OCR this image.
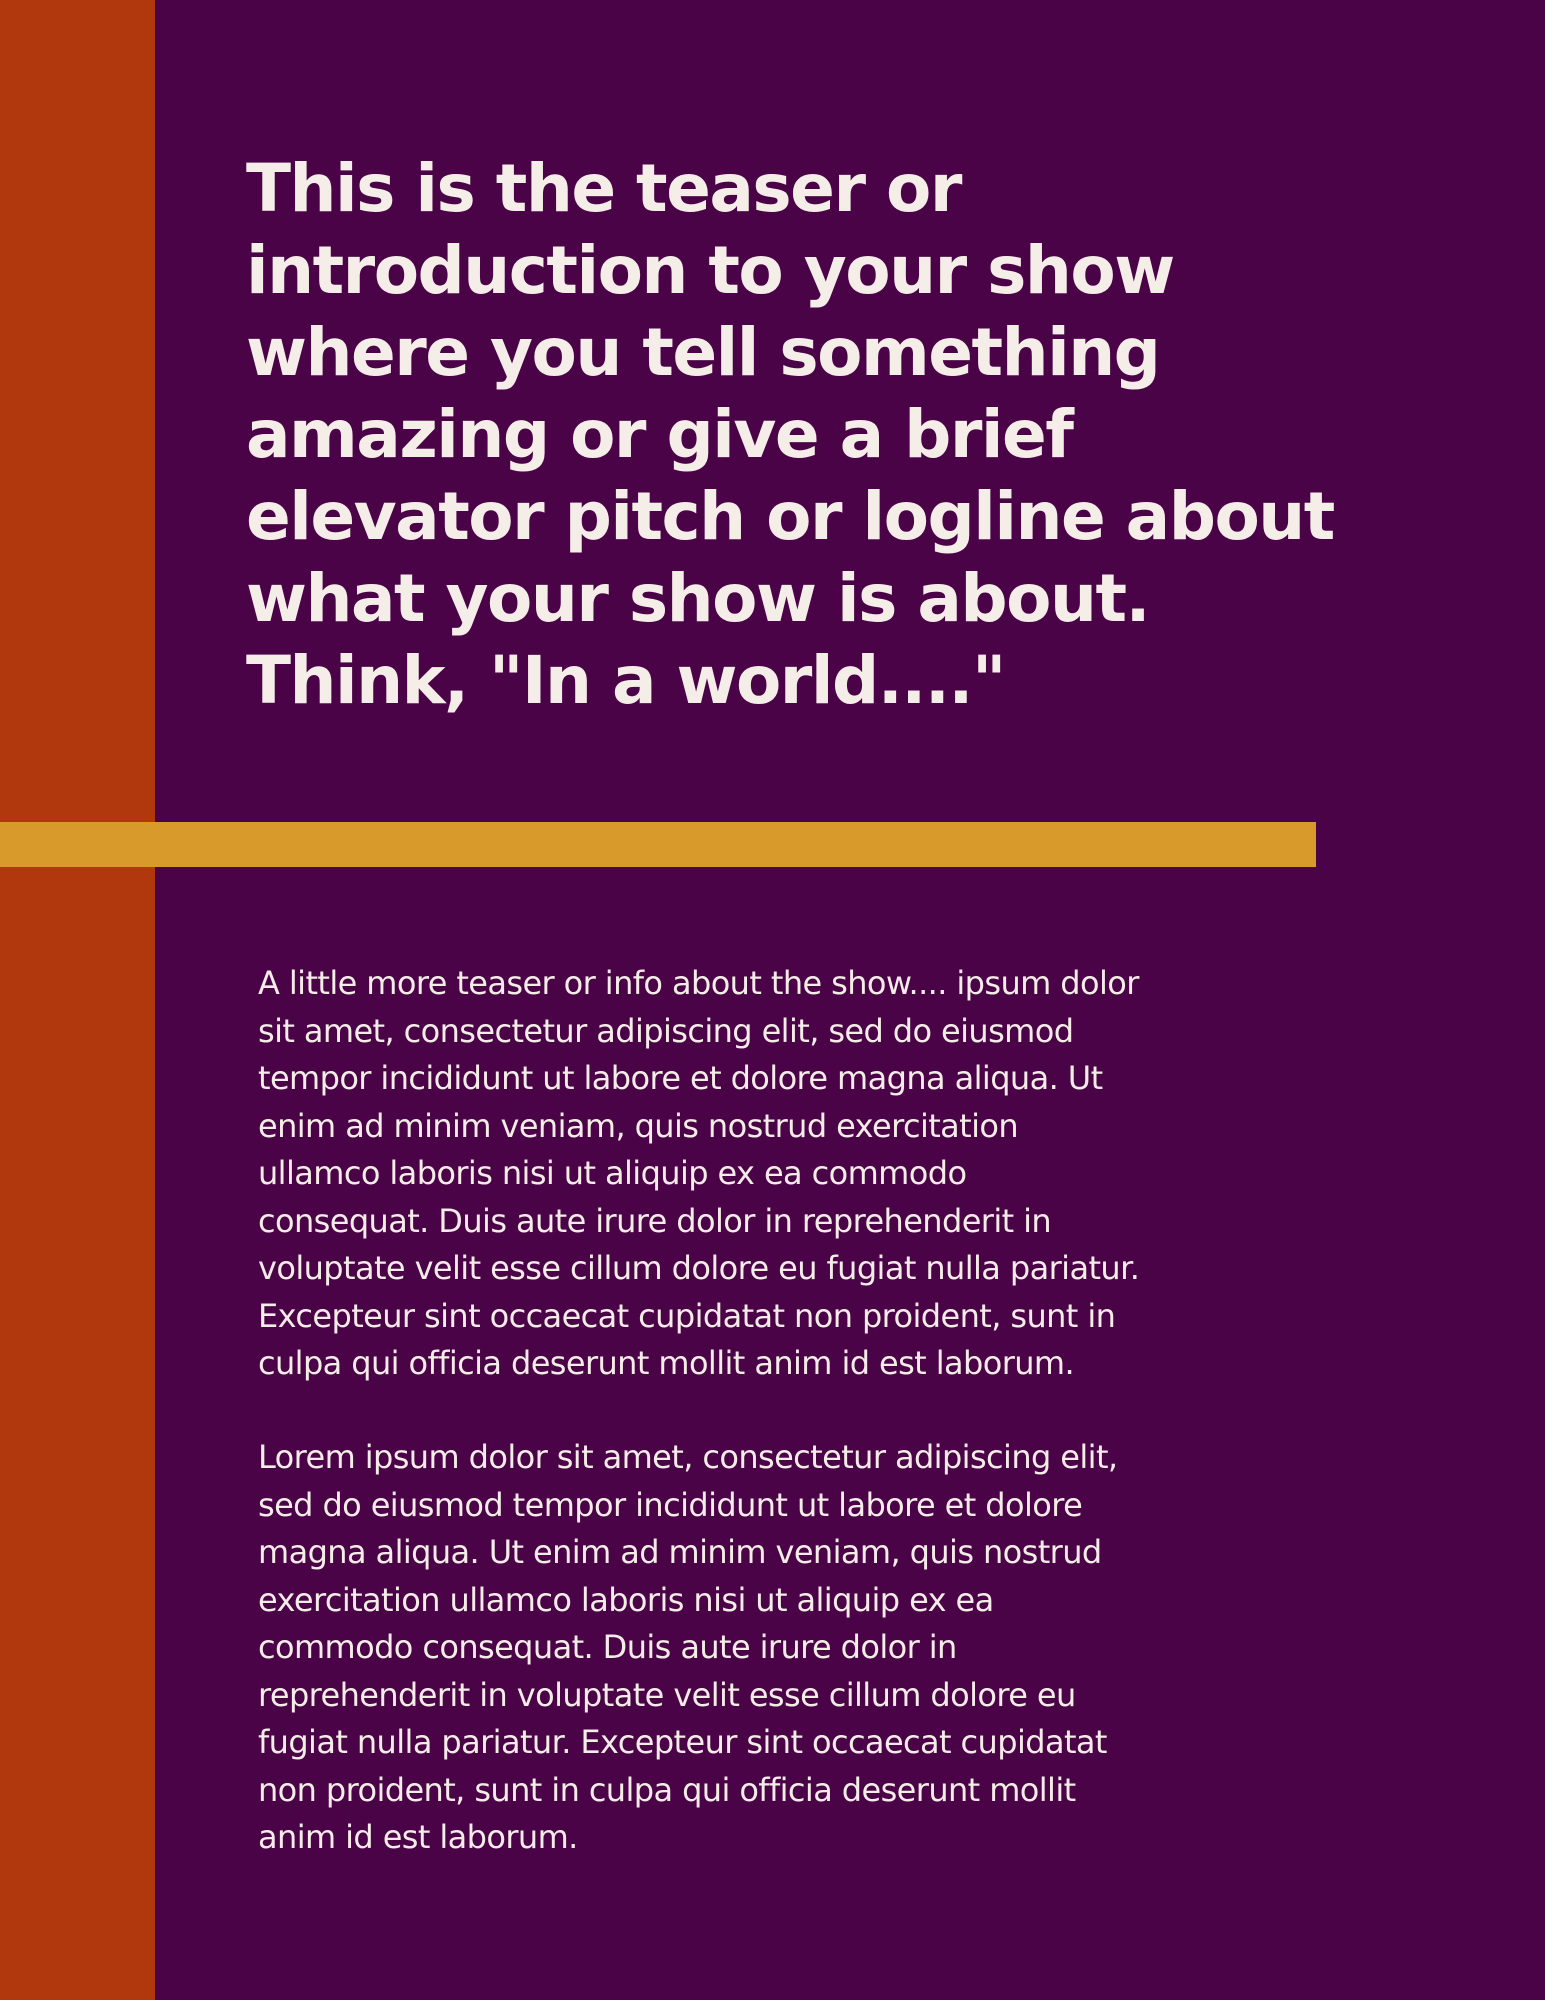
This is the teaser or
introduction to your show
where you tell something
amazing or give a brief
elevator pitch or logline about
what your show is about.
Think, "In a world...."

A little more teaser or info about the show.... ipsum dolor
sit amet, consectetur adipiscing elit, sed do eiusmod
tempor incididunt ut labore et dolore magna aliqua. Ut
enim ad minim veniam, quis nostrud exercitation
ullamco laboris nisi ut aliquip ex ea commodo
consequat. Duis aute irure dolor in reprehenderit in
voluptate velit esse cillum dolore eu fugiat nulla pariatur.
Excepteur sint occaecat cupidatat non proident, sunt in
culpa qui officia deserunt mollit anim id est laborum.

Lorem ipsum dolor sit amet, consectetur adipiscing elit,
sed do eiusmod tempor incididunt ut labore et dolore
magna aliqua. Ut enim ad minim veniam, quis nostrud
exercitation ullamco laboris nisi ut aliquip ex ea
commodo consequat. Duis aute irure dolor in
reprehenderit in voluptate velit esse cillum dolore eu
fugiat nulla pariatur. Excepteur sint occaecat cupidatat
non proident, sunt in culpa qui officia deserunt mollit
anim id est laborum.
